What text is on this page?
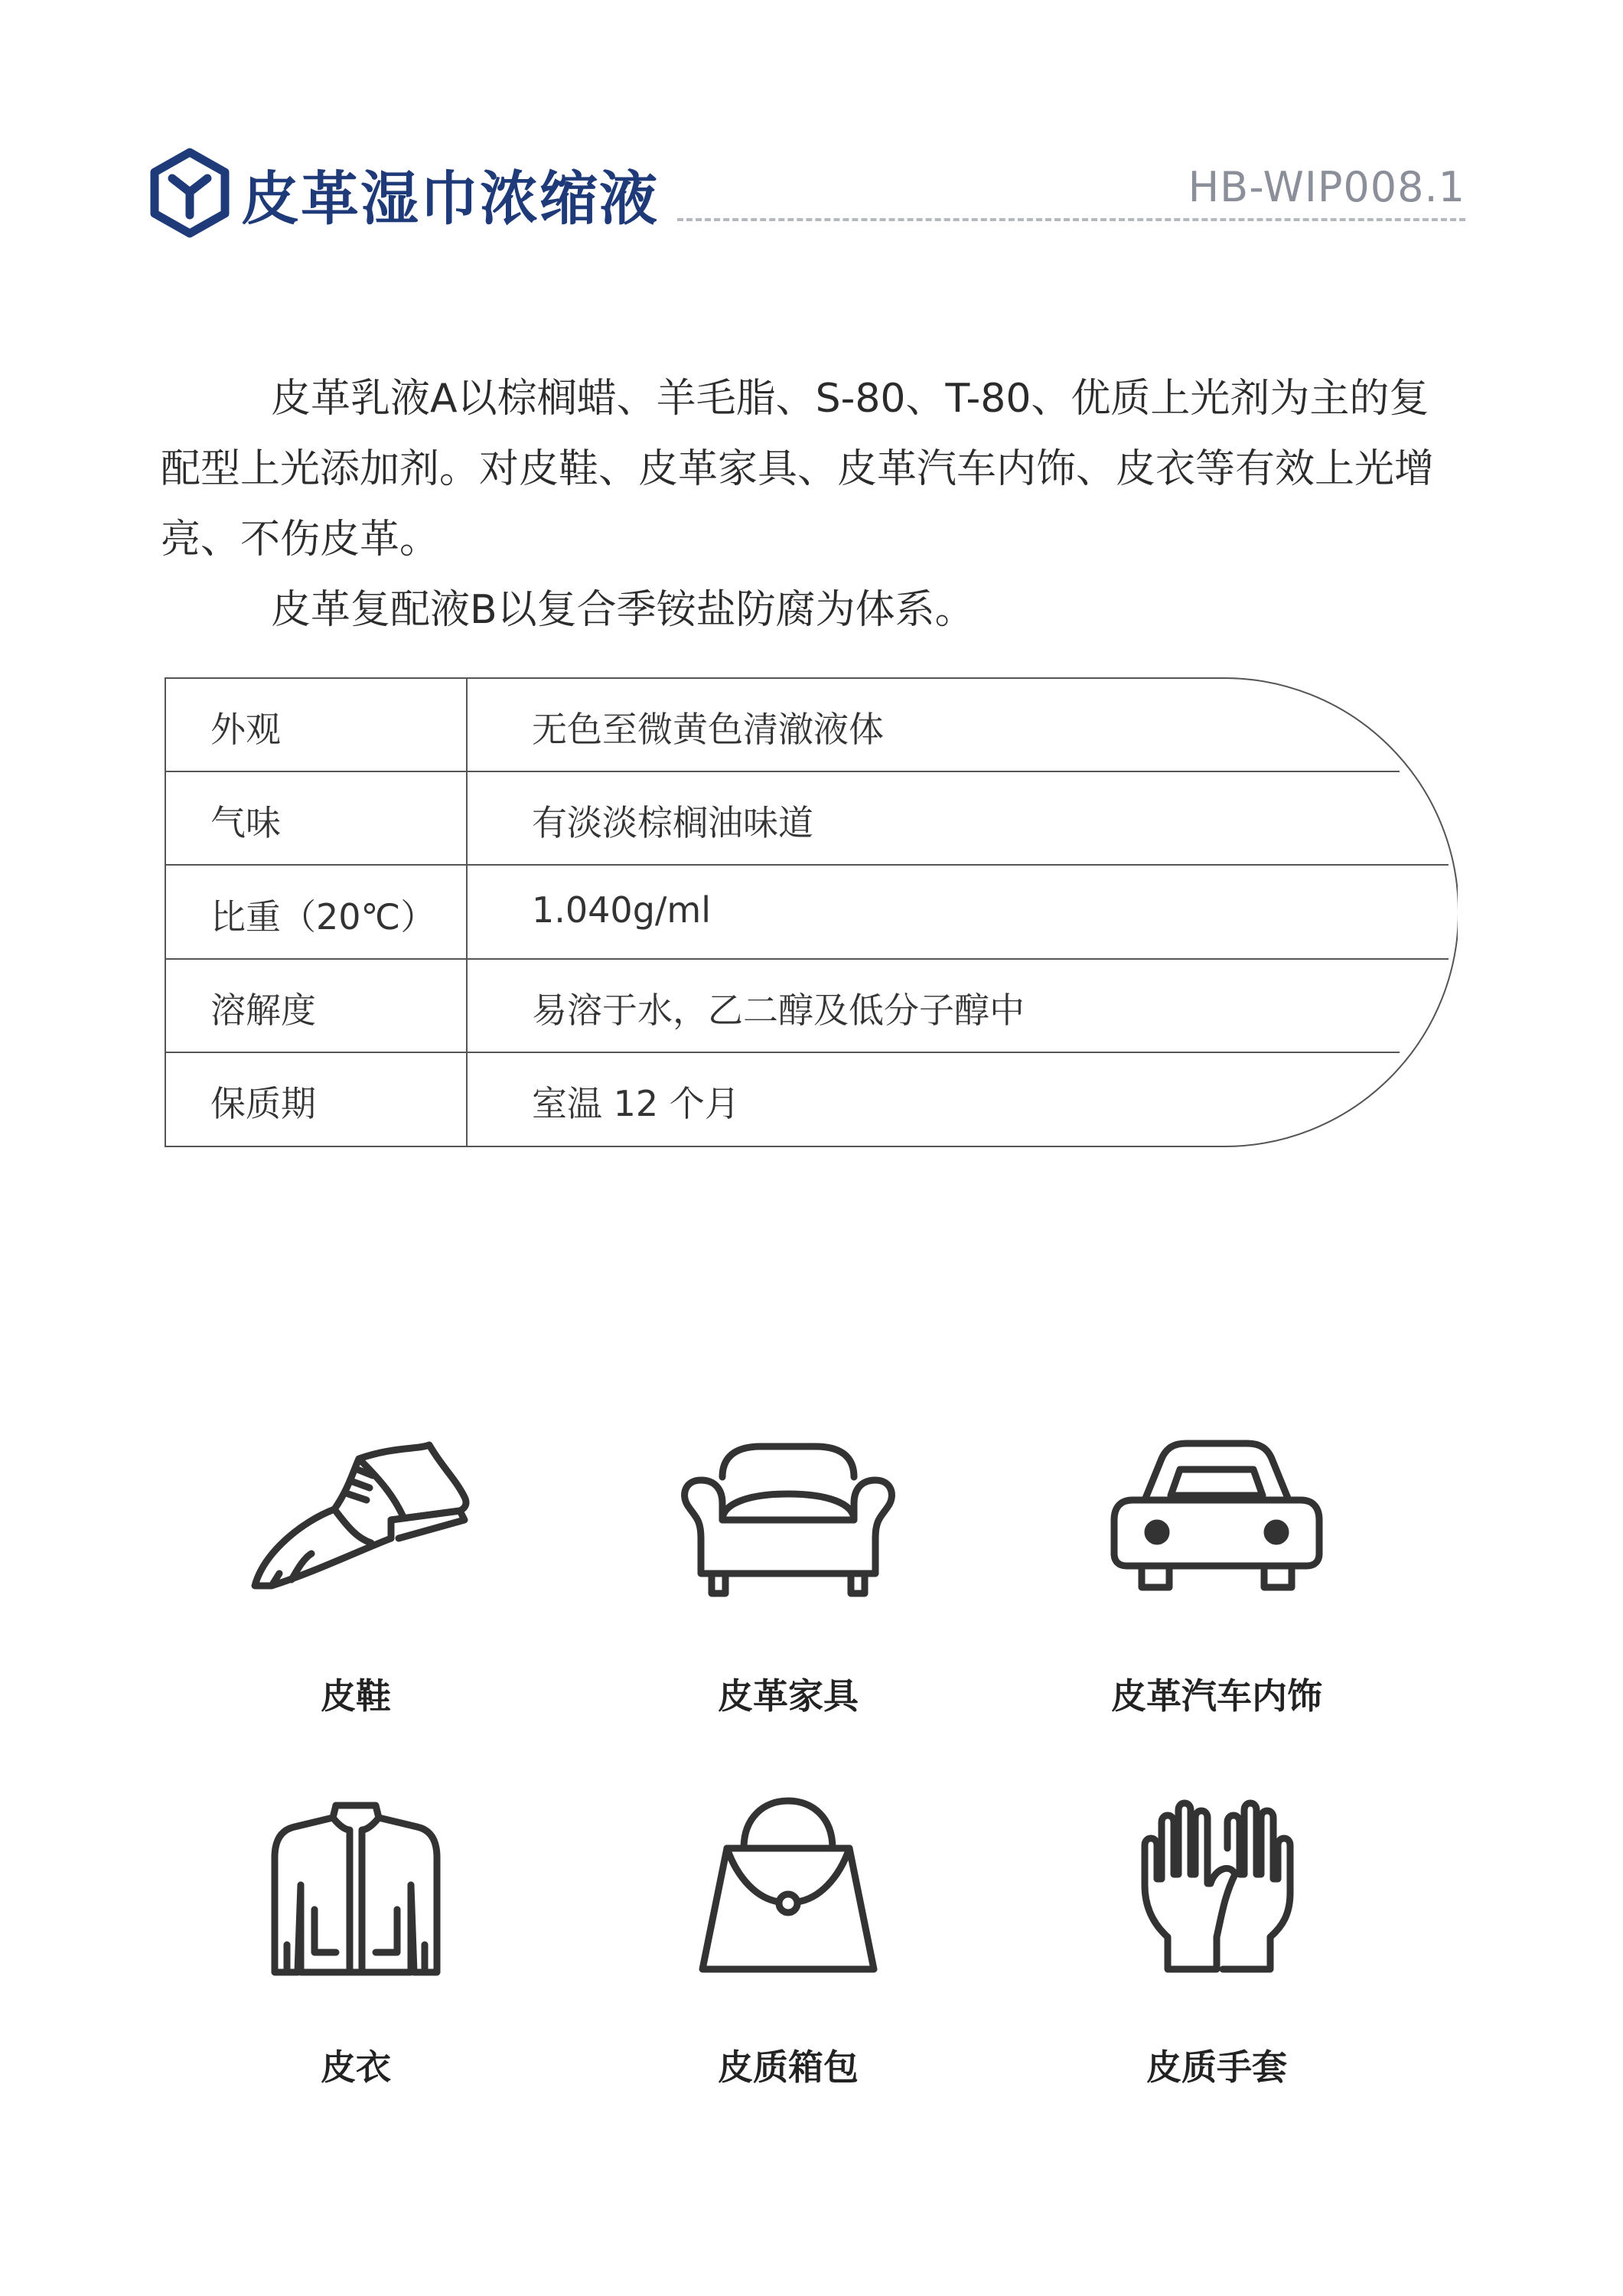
皮革湿巾浓缩液	HB-WIP008.1

皮革乳液A以棕榈蜡、羊毛脂、S-80、T-80、优质上光剂为主的复配型上光添加剂。对皮鞋、皮革家具、皮革汽车内饰、皮衣等有效上光增亮、不伤皮革。

皮革复配液B以复合季铵盐防腐为体系。

外观	无色至微黄色清澈液体
气味	有淡淡棕榈油味道
比重（20℃）	1.040g/ml
溶解度	易溶于水，乙二醇及低分子醇中
保质期	室温 12 个月
皮鞋	皮革家具	皮革汽车内饰
皮衣	皮质箱包	皮质手套
